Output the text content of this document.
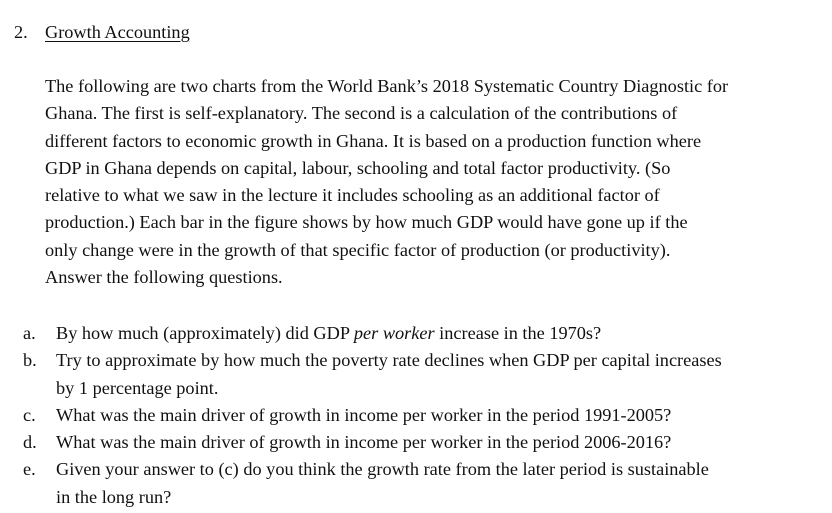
2. Growth Accounting

The following are two charts from the World Bank’s 2018 Systematic Country Diagnostic for
Ghana. The first is self-explanatory. The second is a calculation of the contributions of
different factors to economic growth in Ghana. It is based on a production function where
GDP in Ghana depends on capital, labour, schooling and total factor productivity. (So
relative to what we saw in the lecture it includes schooling as an additional factor of
production.) Each bar in the figure shows by how much GDP would have gone up if the
only change were in the growth of that specific factor of production (or productivity).
Answer the following questions.

a. By how much (approximately) did GDP per worker increase in the 1970s?
b. Try to approximate by how much the poverty rate declines when GDP per capital increases
by 1 percentage point.
c. What was the main driver of growth in income per worker in the period 1991-2005?
d. What was the main driver of growth in income per worker in the period 2006-2016?
e. Given your answer to (c) do you think the growth rate from the later period is sustainable
in the long run?
